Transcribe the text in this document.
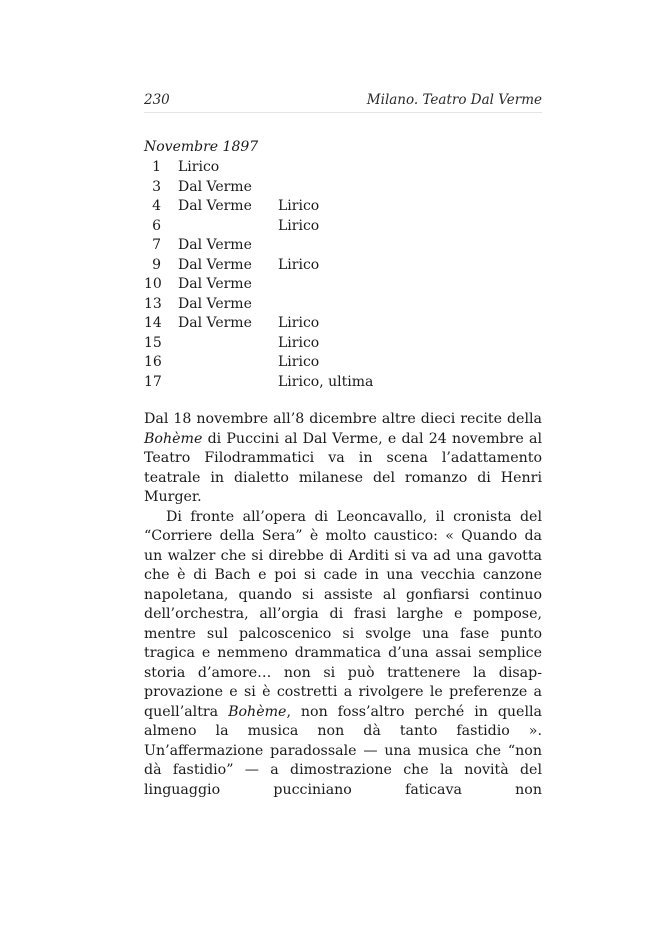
230	Milano. Teatro Dal Verme
Novembre 1897
1 Lirico
3 Dal Verme
4 Dal Verme Lirico
6	Lirico
7 Dal Verme
9 Dal Verme Lirico
10 Dal Verme
13 Dal Verme
14 Dal Verme Lirico
15	Lirico
16	Lirico
17	Lirico, ultima

Dal 18 novembre all’8 dicembre altre dieci recite della Bohème di Puccini al Dal Verme, e dal 24 novembre al Teatro Filodrammatici va in scena l’adattamento teatrale in dialetto milanese del romanzo di Henri Murger.

Di fronte all’opera di Leoncavallo, il cronista del “Corriere della Sera” è molto caustico: « Quando da un walzer che si direbbe di Arditi si va ad una gavotta che è di Bach e poi si cade in una vecchia canzone napoletana, quando si assiste al gonfiarsi continuo dell’orchestra, all’orgia di frasi larghe e pompose, mentre sul palcoscenico si svolge una fase punto tragica e nemmeno drammatica d’una assai semplice storia d’amore… non si può trattenere la disapprovazione e si è costretti a rivolgere le preferenze a quell’altra Bohème, non foss’altro perché in quella almeno la musica non dà tanto fastidio ». Un’affermazione paradossale — una musica che “non dà fastidio” — a dimostrazione che la novità del linguaggio pucciniano faticava non
